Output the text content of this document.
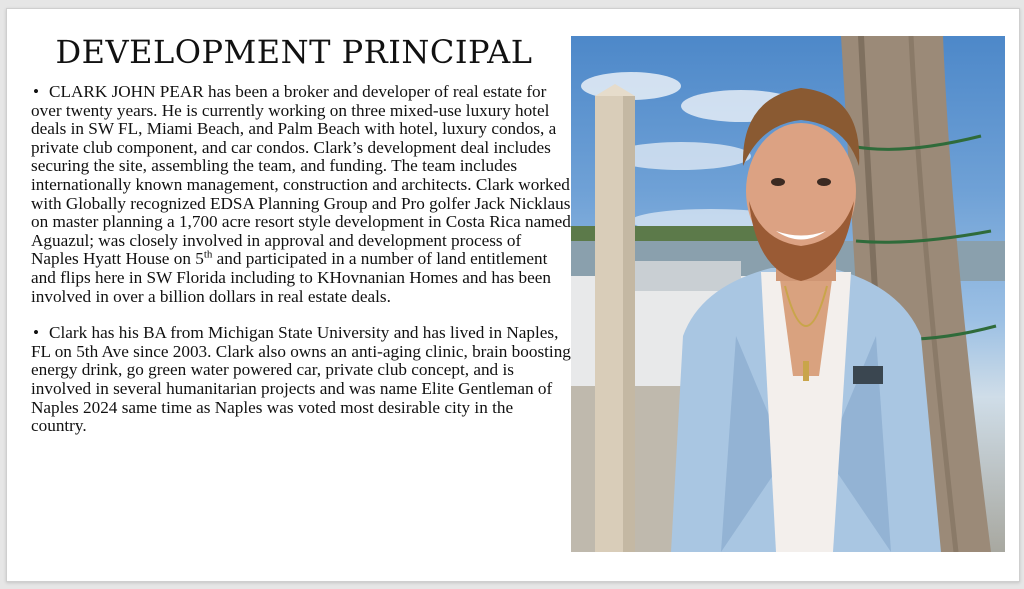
DEVELOPMENT PRINCIPAL

• CLARK JOHN PEAR has been a broker and developer of real estate for over twenty years. He is currently working on three mixed-use luxury hotel deals in SW FL, Miami Beach, and Palm Beach with hotel, luxury condos, a private club component, and car condos. Clark’s development deal includes securing the site, assembling the team, and funding. The team includes internationally known management, construction and architects. Clark worked with Globally recognized EDSA Planning Group and Pro golfer Jack Nicklaus on master planning a 1,700 acre resort style development in Costa Rica named Aguazul; was closely involved in approval and development process of Naples Hyatt House on 5th and participated in a number of land entitlement and flips here in SW Florida including to KHovnanian Homes and has been involved in over a billion dollars in real estate deals.

• Clark has his BA from Michigan State University and has lived in Naples, FL on 5th Ave since 2003. Clark also owns an anti-aging clinic, brain boosting energy drink, go green water powered car, private club concept, and is involved in several humanitarian projects and was name Elite Gentleman of Naples 2024 same time as Naples was voted most desirable city in the country.
